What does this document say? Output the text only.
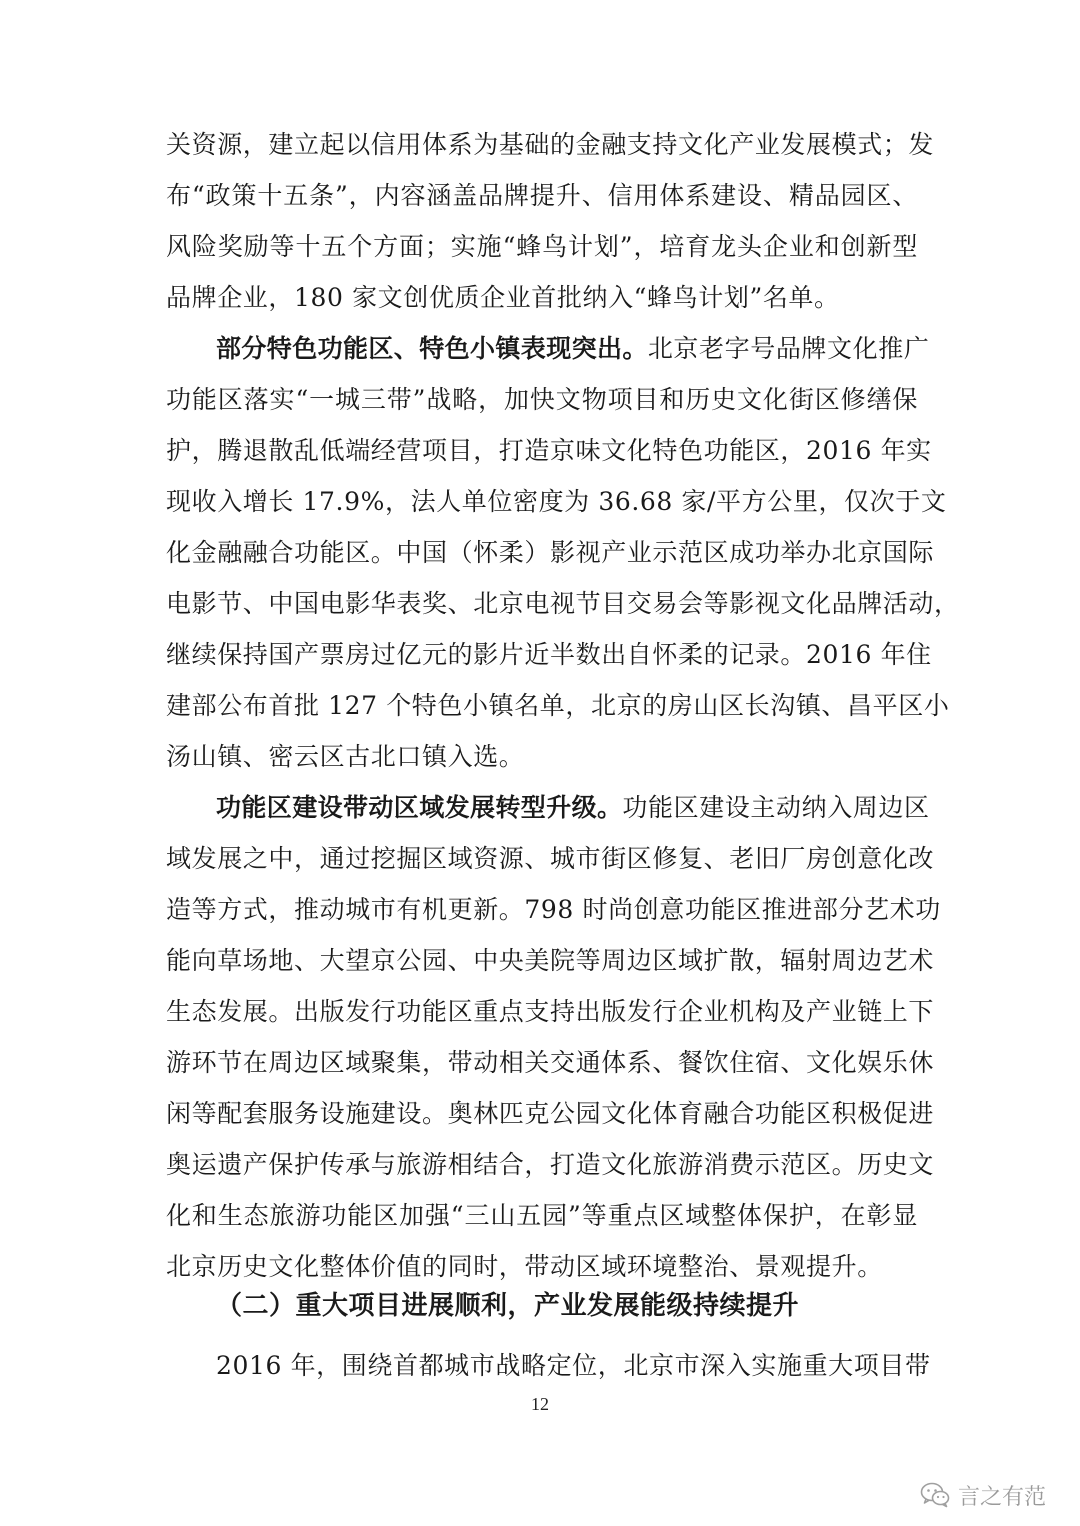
关资源，建立起以信用体系为基础的金融支持文化产业发展模式；发
布“政策十五条”，内容涵盖品牌提升、信用体系建设、精品园区、
风险奖励等十五个方面；实施“蜂鸟计划”，培育龙头企业和创新型
品牌企业，180 家文创优质企业首批纳入“蜂鸟计划”名单。
部分特色功能区、特色小镇表现突出。北京老字号品牌文化推广
功能区落实“一城三带”战略，加快文物项目和历史文化街区修缮保
护，腾退散乱低端经营项目，打造京味文化特色功能区，2016 年实
现收入增长 17.9%，法人单位密度为 36.68 家/平方公里，仅次于文
化金融融合功能区。中国（怀柔）影视产业示范区成功举办北京国际
电影节、中国电影华表奖、北京电视节目交易会等影视文化品牌活动，
继续保持国产票房过亿元的影片近半数出自怀柔的记录。2016 年住
建部公布首批 127 个特色小镇名单，北京的房山区长沟镇、昌平区小
汤山镇、密云区古北口镇入选。
功能区建设带动区域发展转型升级。功能区建设主动纳入周边区
域发展之中，通过挖掘区域资源、城市街区修复、老旧厂房创意化改
造等方式，推动城市有机更新。798 时尚创意功能区推进部分艺术功
能向草场地、大望京公园、中央美院等周边区域扩散，辐射周边艺术
生态发展。出版发行功能区重点支持出版发行企业机构及产业链上下
游环节在周边区域聚集，带动相关交通体系、餐饮住宿、文化娱乐休
闲等配套服务设施建设。奥林匹克公园文化体育融合功能区积极促进
奥运遗产保护传承与旅游相结合，打造文化旅游消费示范区。历史文
化和生态旅游功能区加强“三山五园”等重点区域整体保护，在彰显
北京历史文化整体价值的同时，带动区域环境整治、景观提升。
（二）重大项目进展顺利，产业发展能级持续提升
2016 年，围绕首都城市战略定位，北京市深入实施重大项目带
12
言之有范
